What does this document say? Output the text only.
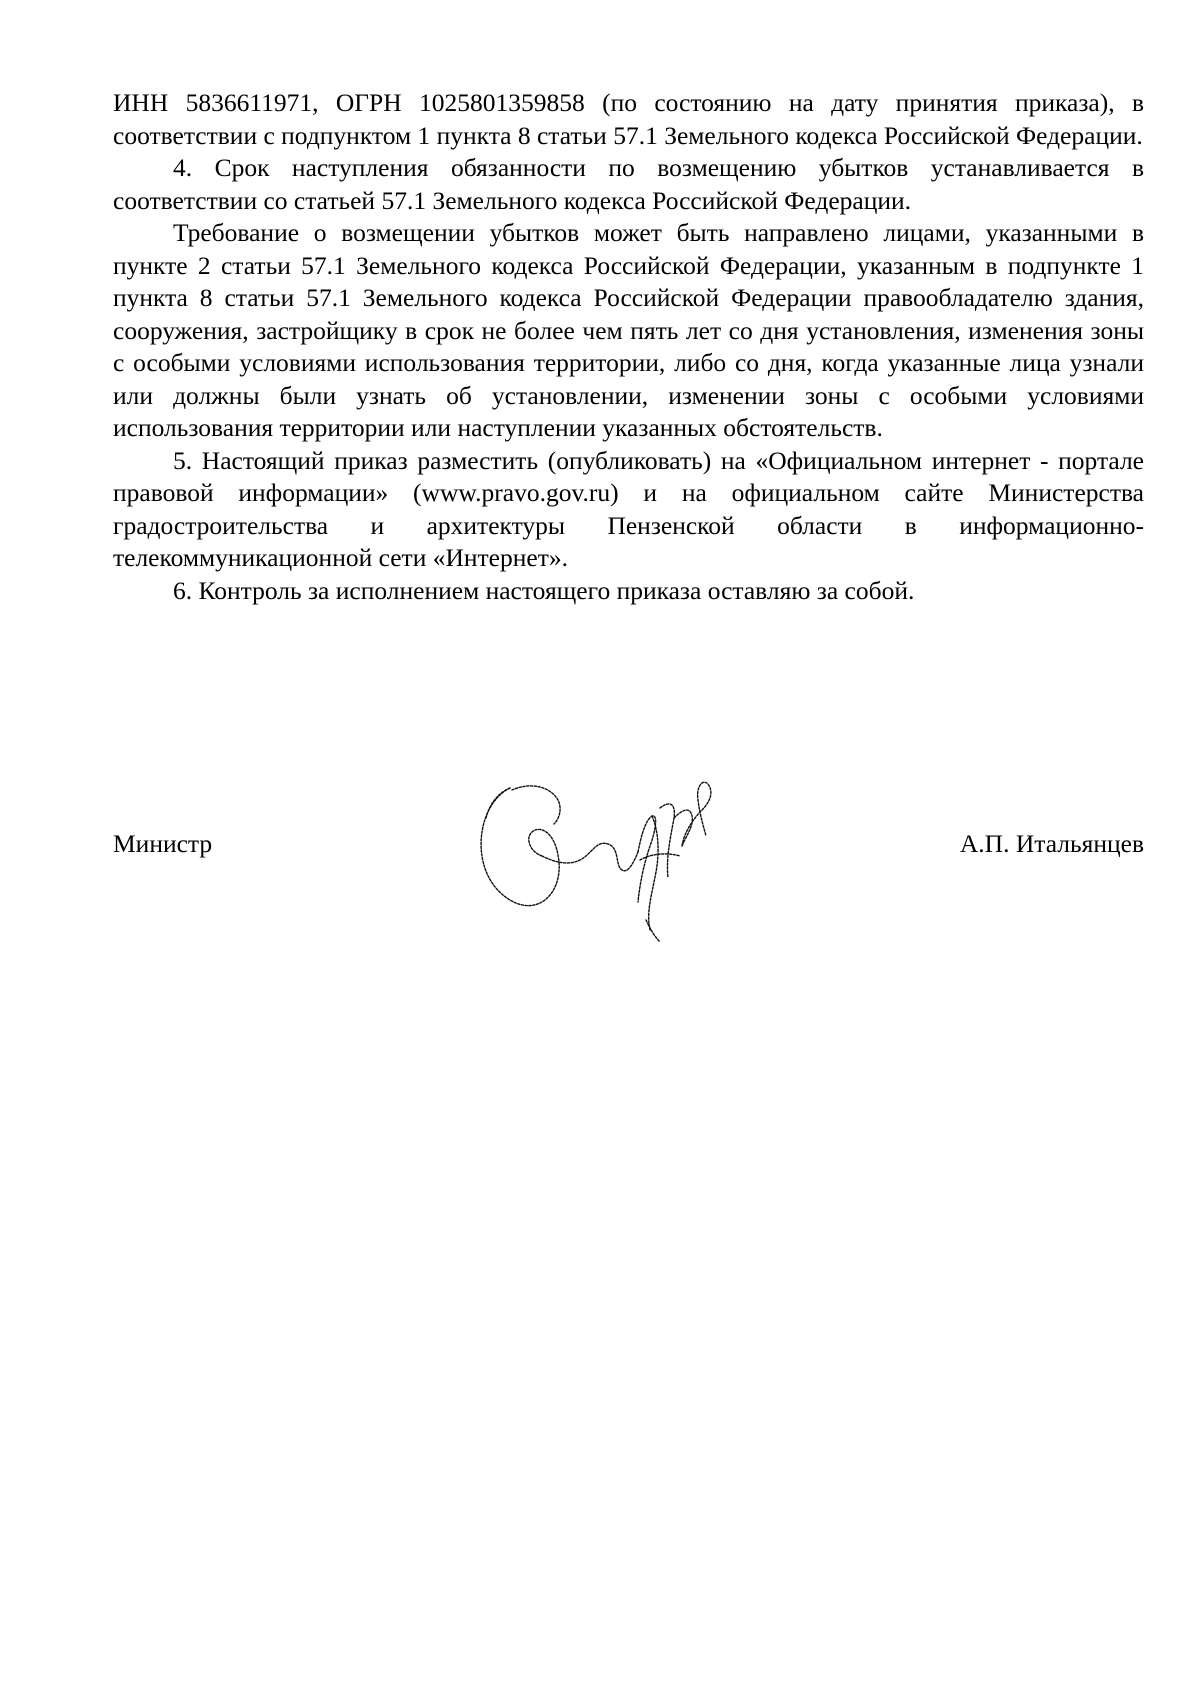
ИНН 5836611971, ОГРН 1025801359858 (по состоянию на дату принятия приказа), в соответствии с подпунктом 1 пункта 8 статьи 57.1 Земельного кодекса Российской Федерации.

4. Срок наступления обязанности по возмещению убытков устанавливается в соответствии со статьей 57.1 Земельного кодекса Российской Федерации.

Требование о возмещении убытков может быть направлено лицами, указанными в пункте 2 статьи 57.1 Земельного кодекса Российской Федерации, указанным в подпункте 1 пункта 8 статьи 57.1 Земельного кодекса Российской Федерации правообладателю здания, сооружения, застройщику в срок не более чем пять лет со дня установления, изменения зоны с особыми условиями использования территории, либо со дня, когда указанные лица узнали или должны были узнать об установлении, изменении зоны с особыми условиями использования территории или наступлении указанных обстоятельств.

5. Настоящий приказ разместить (опубликовать) на «Официальном интернет - портале правовой информации» (www.pravo.gov.ru) и на официальном сайте Министерства градостроительства и архитектуры Пензенской области в информационно-телекоммуникационной сети «Интернет».

6. Контроль за исполнением настоящего приказа оставляю за собой.

Министр	А.П. Итальянцев
